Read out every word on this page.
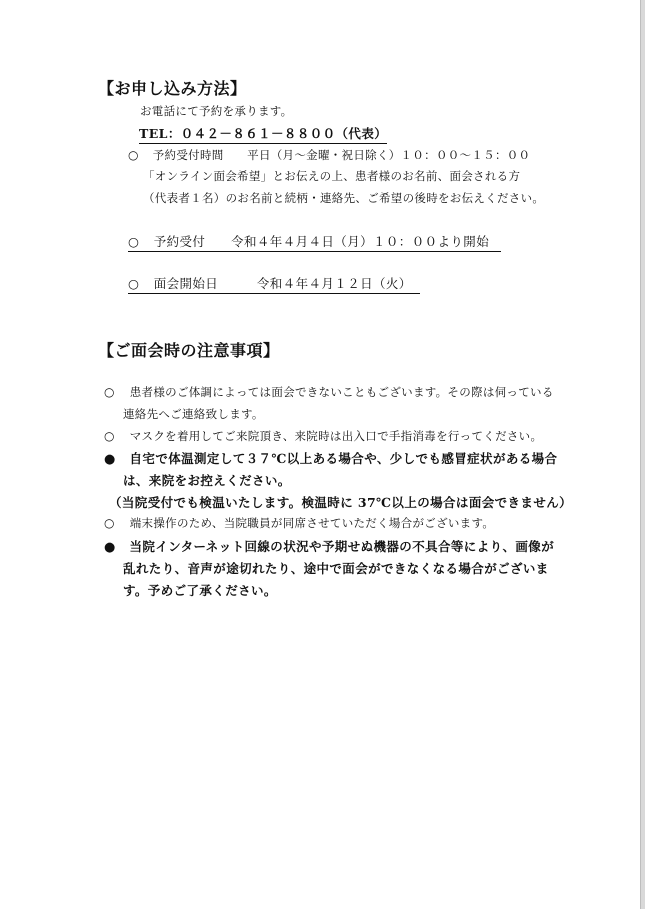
【お申し込み方法】
お電話にて予約を承ります。
TEL：０４２－８６１－８８００（代表）
○ 予約受付時間　　平日（月～金曜・祝日除く）１０：００～１５：００
「オンライン面会希望」とお伝えの上、患者様のお名前、面会される方
（代表者１名）のお名前と続柄・連絡先、ご希望の後時をお伝えください。
○ 予約受付　　令和４年４月４日（月）１０：００より開始
○ 面会開始日　　　令和４年４月１２日（火）
【ご面会時の注意事項】
○ 患者様のご体調によっては面会できないこともございます。その際は伺っている
連絡先へご連絡致します。
○ マスクを着用してご来院頂き、来院時は出入口で手指消毒を行ってください。
● 自宅で体温測定して３７℃以上ある場合や、少しでも感冒症状がある場合
は、来院をお控えください。
（当院受付でも検温いたします。検温時に 37℃以上の場合は面会できません）
○ 端末操作のため、当院職員が同席させていただく場合がございます。
● 当院インターネット回線の状況や予期せぬ機器の不具合等により、画像が
乱れたり、音声が途切れたり、途中で面会ができなくなる場合がございま
す。予めご了承ください。
